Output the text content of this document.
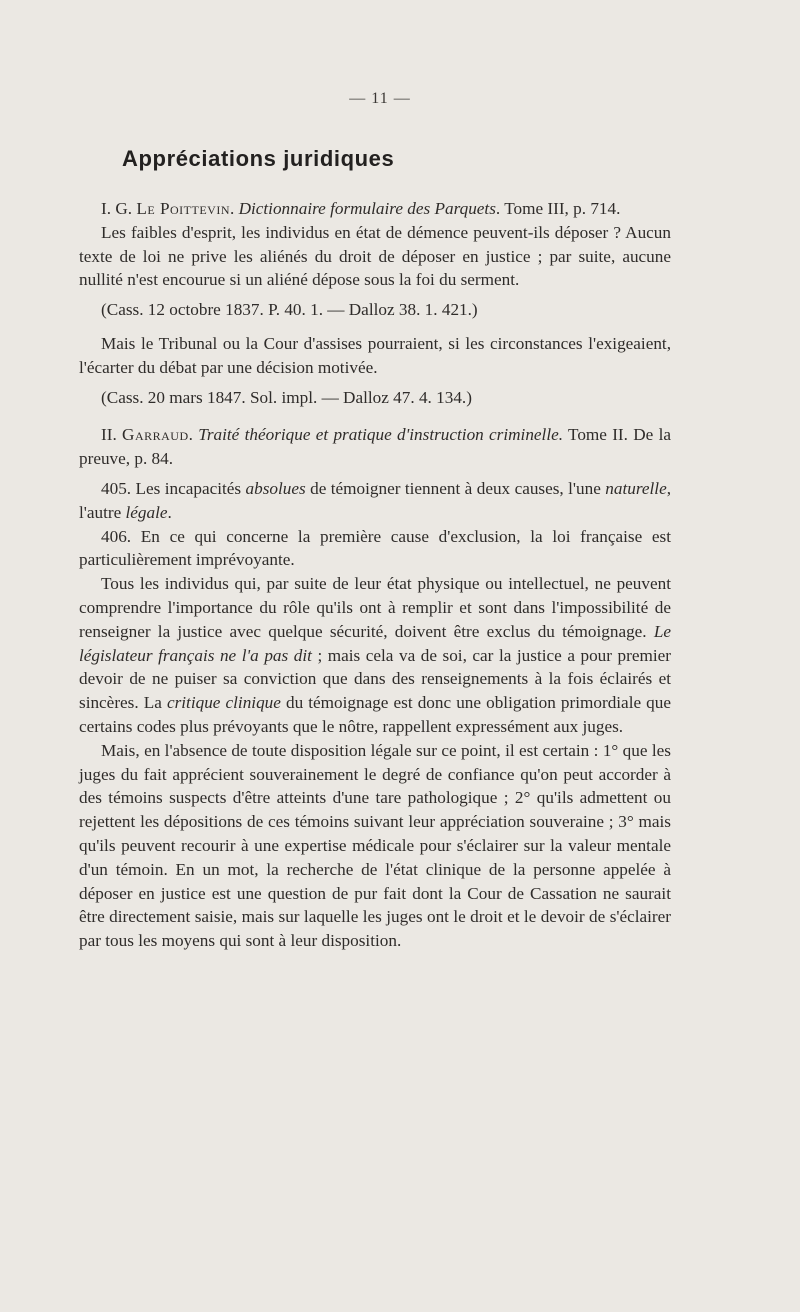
— 11 —
Appréciations juridiques

I. G. Le Poittevin. Dictionnaire formulaire des Parquets. Tome III, p. 714.

Les faibles d'esprit, les individus en état de démence peuvent-ils déposer ? Aucun texte de loi ne prive les aliénés du droit de déposer en justice ; par suite, aucune nullité n'est encourue si un aliéné dépose sous la foi du serment.

(Cass. 12 octobre 1837. P. 40. 1. — Dalloz 38. 1. 421.)

Mais le Tribunal ou la Cour d'assises pourraient, si les circonstances l'exigeaient, l'écarter du débat par une décision motivée.

(Cass. 20 mars 1847. Sol. impl. — Dalloz 47. 4. 134.)

II. Garraud. Traité théorique et pratique d'instruction criminelle. Tome II. De la preuve, p. 84.

405. Les incapacités absolues de témoigner tiennent à deux causes, l'une naturelle, l'autre légale.

406. En ce qui concerne la première cause d'exclusion, la loi française est particulièrement imprévoyante.

Tous les individus qui, par suite de leur état physique ou intellectuel, ne peuvent comprendre l'importance du rôle qu'ils ont à remplir et sont dans l'impossibilité de renseigner la justice avec quelque sécurité, doivent être exclus du témoignage. Le législateur français ne l'a pas dit ; mais cela va de soi, car la justice a pour premier devoir de ne puiser sa conviction que dans des renseignements à la fois éclairés et sincères. La critique clinique du témoignage est donc une obligation primordiale que certains codes plus prévoyants que le nôtre, rappellent expressément aux juges.

Mais, en l'absence de toute disposition légale sur ce point, il est certain : 1° que les juges du fait apprécient souverainement le degré de confiance qu'on peut accorder à des témoins suspects d'être atteints d'une tare pathologique ; 2° qu'ils admettent ou rejettent les dépositions de ces témoins suivant leur appréciation souveraine ; 3° mais qu'ils peuvent recourir à une expertise médicale pour s'éclairer sur la valeur mentale d'un témoin. En un mot, la recherche de l'état clinique de la personne appelée à déposer en justice est une question de pur fait dont la Cour de Cassation ne saurait être directement saisie, mais sur laquelle les juges ont le droit et le devoir de s'éclairer par tous les moyens qui sont à leur disposition.
